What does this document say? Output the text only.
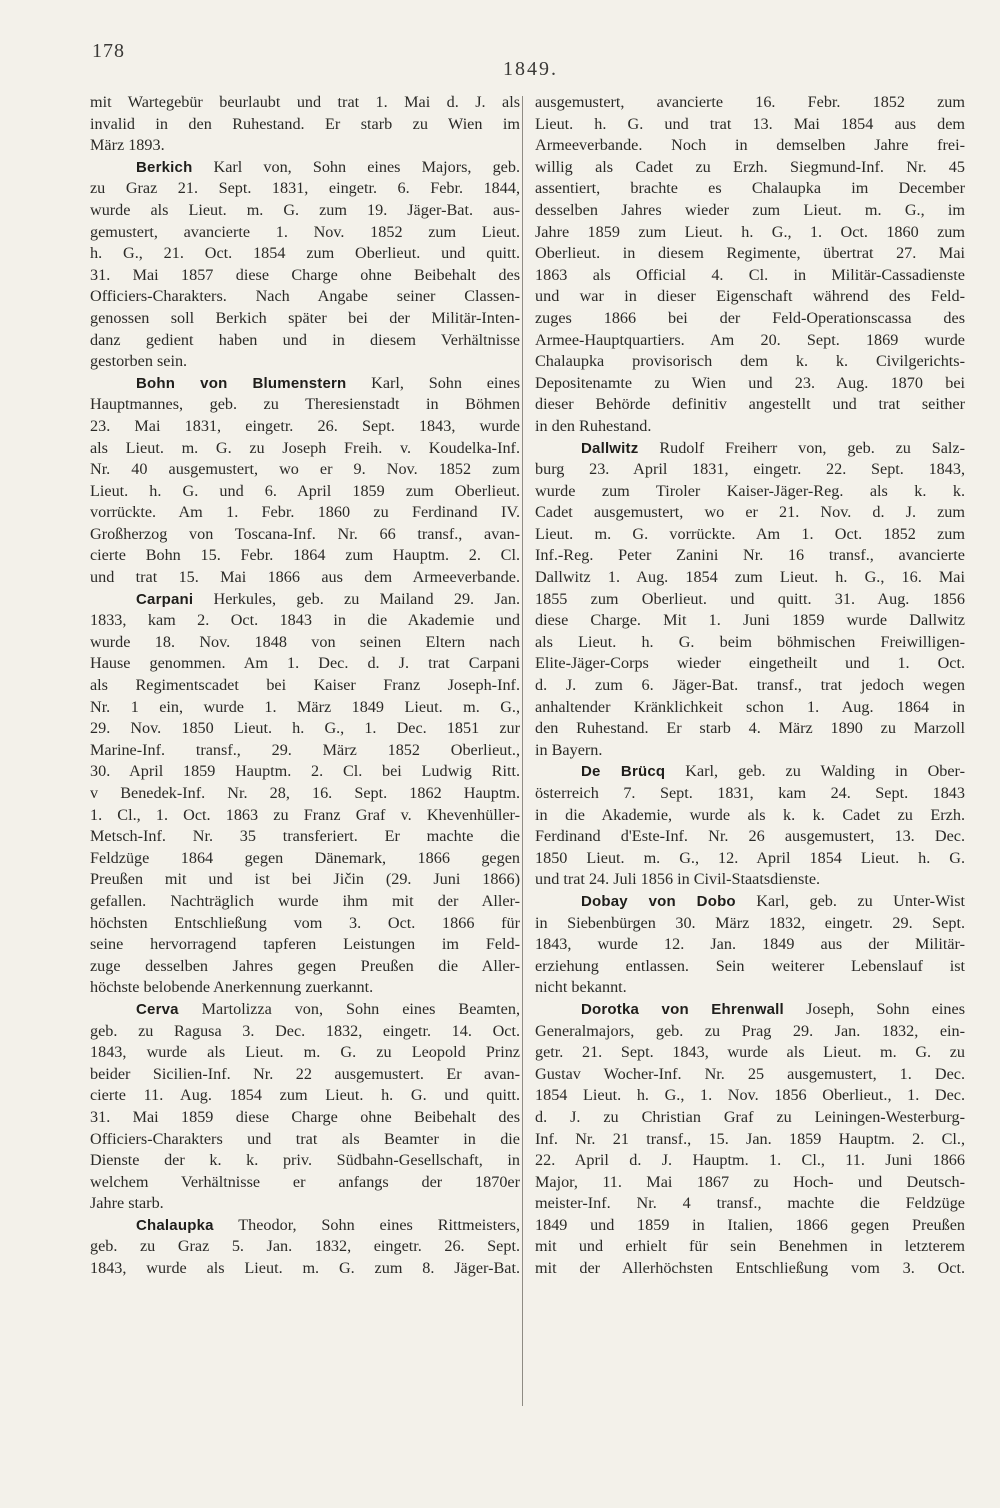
178
1849.
mit Wartegebür beurlaubt und trat 1. Mai d. J. als
invalid in den Ruhestand. Er starb zu Wien im
März 1893.
Berkich Karl von, Sohn eines Majors, geb.
zu Graz 21. Sept. 1831, eingetr. 6. Febr. 1844,
wurde als Lieut. m. G. zum 19. Jäger-Bat. aus-
gemustert, avancierte 1. Nov. 1852 zum Lieut.
h. G., 21. Oct. 1854 zum Oberlieut. und quitt.
31. Mai 1857 diese Charge ohne Beibehalt des
Officiers-Charakters. Nach Angabe seiner Classen-
genossen soll Berkich später bei der Militär-Inten-
danz gedient haben und in diesem Verhältnisse
gestorben sein.
Bohn von Blumenstern Karl, Sohn eines
Hauptmannes, geb. zu Theresienstadt in Böhmen
23. Mai 1831, eingetr. 26. Sept. 1843, wurde
als Lieut. m. G. zu Joseph Freih. v. Koudelka-Inf.
Nr. 40 ausgemustert, wo er 9. Nov. 1852 zum
Lieut. h. G. und 6. April 1859 zum Oberlieut.
vorrückte. Am 1. Febr. 1860 zu Ferdinand IV.
Großherzog von Toscana-Inf. Nr. 66 transf., avan-
cierte Bohn 15. Febr. 1864 zum Hauptm. 2. Cl.
und trat 15. Mai 1866 aus dem Armeeverbande.
Carpani Herkules, geb. zu Mailand 29. Jan.
1833, kam 2. Oct. 1843 in die Akademie und
wurde 18. Nov. 1848 von seinen Eltern nach
Hause genommen. Am 1. Dec. d. J. trat Carpani
als Regimentscadet bei Kaiser Franz Joseph-Inf.
Nr. 1 ein, wurde 1. März 1849 Lieut. m. G.,
29. Nov. 1850 Lieut. h. G., 1. Dec. 1851 zur
Marine-Inf. transf., 29. März 1852 Oberlieut.,
30. April 1859 Hauptm. 2. Cl. bei Ludwig Ritt.
v Benedek-Inf. Nr. 28, 16. Sept. 1862 Hauptm.
1. Cl., 1. Oct. 1863 zu Franz Graf v. Khevenhüller-
Metsch-Inf. Nr. 35 transferiert. Er machte die
Feldzüge 1864 gegen Dänemark, 1866 gegen
Preußen mit und ist bei Jičin (29. Juni 1866)
gefallen. Nachträglich wurde ihm mit der Aller-
höchsten Entschließung vom 3. Oct. 1866 für
seine hervorragend tapferen Leistungen im Feld-
zuge desselben Jahres gegen Preußen die Aller-
höchste belobende Anerkennung zuerkannt.
Cerva Martolizza von, Sohn eines Beamten,
geb. zu Ragusa 3. Dec. 1832, eingetr. 14. Oct.
1843, wurde als Lieut. m. G. zu Leopold Prinz
beider Sicilien-Inf. Nr. 22 ausgemustert. Er avan-
cierte 11. Aug. 1854 zum Lieut. h. G. und quitt.
31. Mai 1859 diese Charge ohne Beibehalt des
Officiers-Charakters und trat als Beamter in die
Dienste der k. k. priv. Südbahn-Gesellschaft, in
welchem Verhältnisse er anfangs der 1870er
Jahre starb.
Chalaupka Theodor, Sohn eines Rittmeisters,
geb. zu Graz 5. Jan. 1832, eingetr. 26. Sept.
1843, wurde als Lieut. m. G. zum 8. Jäger-Bat.
ausgemustert, avancierte 16. Febr. 1852 zum
Lieut. h. G. und trat 13. Mai 1854 aus dem
Armeeverbande. Noch in demselben Jahre frei-
willig als Cadet zu Erzh. Siegmund-Inf. Nr. 45
assentiert, brachte es Chalaupka im December
desselben Jahres wieder zum Lieut. m. G., im
Jahre 1859 zum Lieut. h. G., 1. Oct. 1860 zum
Oberlieut. in diesem Regimente, übertrat 27. Mai
1863 als Official 4. Cl. in Militär-Cassadienste
und war in dieser Eigenschaft während des Feld-
zuges 1866 bei der Feld-Operationscassa des
Armee-Hauptquartiers. Am 20. Sept. 1869 wurde
Chalaupka provisorisch dem k. k. Civilgerichts-
Depositenamte zu Wien und 23. Aug. 1870 bei
dieser Behörde definitiv angestellt und trat seither
in den Ruhestand.
Dallwitz Rudolf Freiherr von, geb. zu Salz-
burg 23. April 1831, eingetr. 22. Sept. 1843,
wurde zum Tiroler Kaiser-Jäger-Reg. als k. k.
Cadet ausgemustert, wo er 21. Nov. d. J. zum
Lieut. m. G. vorrückte. Am 1. Oct. 1852 zum
Inf.-Reg. Peter Zanini Nr. 16 transf., avancierte
Dallwitz 1. Aug. 1854 zum Lieut. h. G., 16. Mai
1855 zum Oberlieut. und quitt. 31. Aug. 1856
diese Charge. Mit 1. Juni 1859 wurde Dallwitz
als Lieut. h. G. beim böhmischen Freiwilligen-
Elite-Jäger-Corps wieder eingetheilt und 1. Oct.
d. J. zum 6. Jäger-Bat. transf., trat jedoch wegen
anhaltender Kränklichkeit schon 1. Aug. 1864 in
den Ruhestand. Er starb 4. März 1890 zu Marzoll
in Bayern.
De Brücq Karl, geb. zu Walding in Ober-
österreich 7. Sept. 1831, kam 24. Sept. 1843
in die Akademie, wurde als k. k. Cadet zu Erzh.
Ferdinand d'Este-Inf. Nr. 26 ausgemustert, 13. Dec.
1850 Lieut. m. G., 12. April 1854 Lieut. h. G.
und trat 24. Juli 1856 in Civil-Staatsdienste.
Dobay von Dobo Karl, geb. zu Unter-Wist
in Siebenbürgen 30. März 1832, eingetr. 29. Sept.
1843, wurde 12. Jan. 1849 aus der Militär-
erziehung entlassen. Sein weiterer Lebenslauf ist
nicht bekannt.
Dorotka von Ehrenwall Joseph, Sohn eines
Generalmajors, geb. zu Prag 29. Jan. 1832, ein-
getr. 21. Sept. 1843, wurde als Lieut. m. G. zu
Gustav Wocher-Inf. Nr. 25 ausgemustert, 1. Dec.
1854 Lieut. h. G., 1. Nov. 1856 Oberlieut., 1. Dec.
d. J. zu Christian Graf zu Leiningen-Westerburg-
Inf. Nr. 21 transf., 15. Jan. 1859 Hauptm. 2. Cl.,
22. April d. J. Hauptm. 1. Cl., 11. Juni 1866
Major, 11. Mai 1867 zu Hoch- und Deutsch-
meister-Inf. Nr. 4 transf., machte die Feldzüge
1849 und 1859 in Italien, 1866 gegen Preußen
mit und erhielt für sein Benehmen in letzterem
mit der Allerhöchsten Entschließung vom 3. Oct.
